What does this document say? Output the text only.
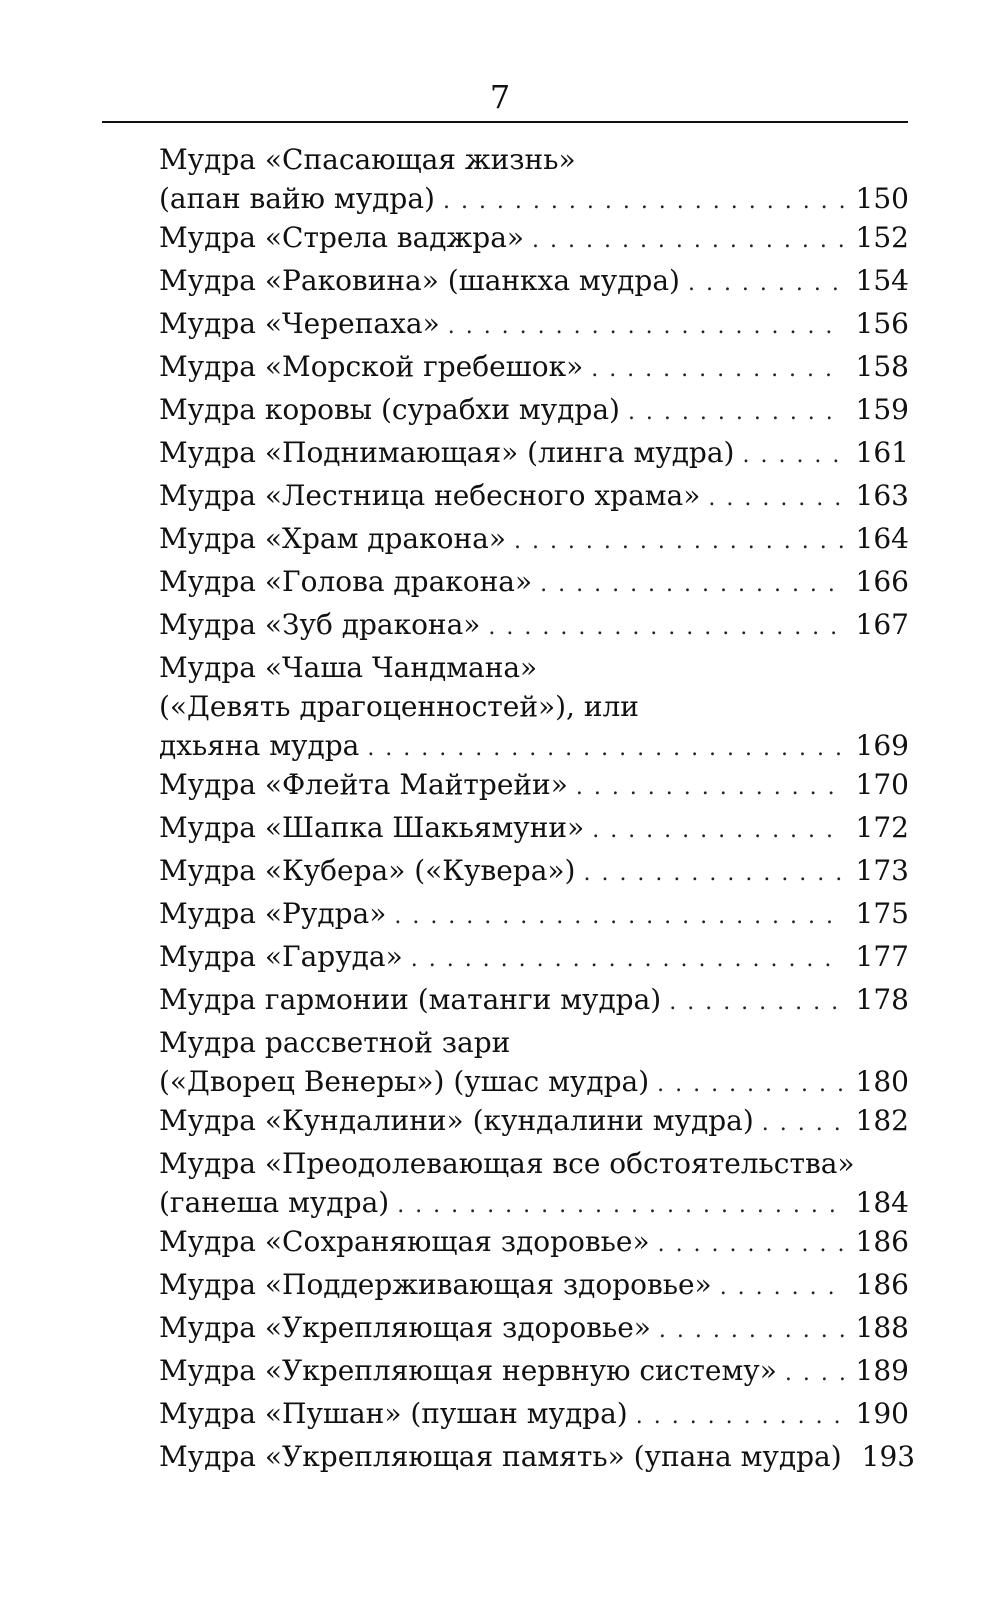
7
Мудра «Спасающая жизнь»
(апан вайю мудра) . . .	150
Мудра «Стрела ваджра» . . .	152
Мудра «Раковина» (шанкха мудра) . . .	154
Мудра «Черепаха» . . .	156
Мудра «Морской гребешок» . . .	158
Мудра коровы (сурабхи мудра) . . .	159
Мудра «Поднимающая» (линга мудра) . . .	161
Мудра «Лестница небесного храма» . . .	163
Мудра «Храм дракона» . . .	164
Мудра «Голова дракона» . . .	166
Мудра «Зуб дракона» . . .	167
Мудра «Чаша Чандмана»
(«Девять драгоценностей»), или
дхьяна мудра . . .	169
Мудра «Флейта Майтрейи» . . .	170
Мудра «Шапка Шакьямуни» . . .	172
Мудра «Кубера» («Кувера») . . .	173
Мудра «Рудра» . . .	175
Мудра «Гаруда» . . .	177
Мудра гармонии (матанги мудра) . . .	178
Мудра рассветной зари
(«Дворец Венеры») (ушас мудра) . . .	180
Мудра «Кундалини» (кундалини мудра) . . .	182
Мудра «Преодолевающая все обстоятельства»
(ганеша мудра) . . .	184
Мудра «Сохраняющая здоровье» . . .	186
Мудра «Поддерживающая здоровье» . . .	186
Мудра «Укрепляющая здоровье» . . .	188
Мудра «Укрепляющая нервную систему» . . .	189
Мудра «Пушан» (пушан мудра) . . .	190
Мудра «Укрепляющая память» (упана мудра) 193
